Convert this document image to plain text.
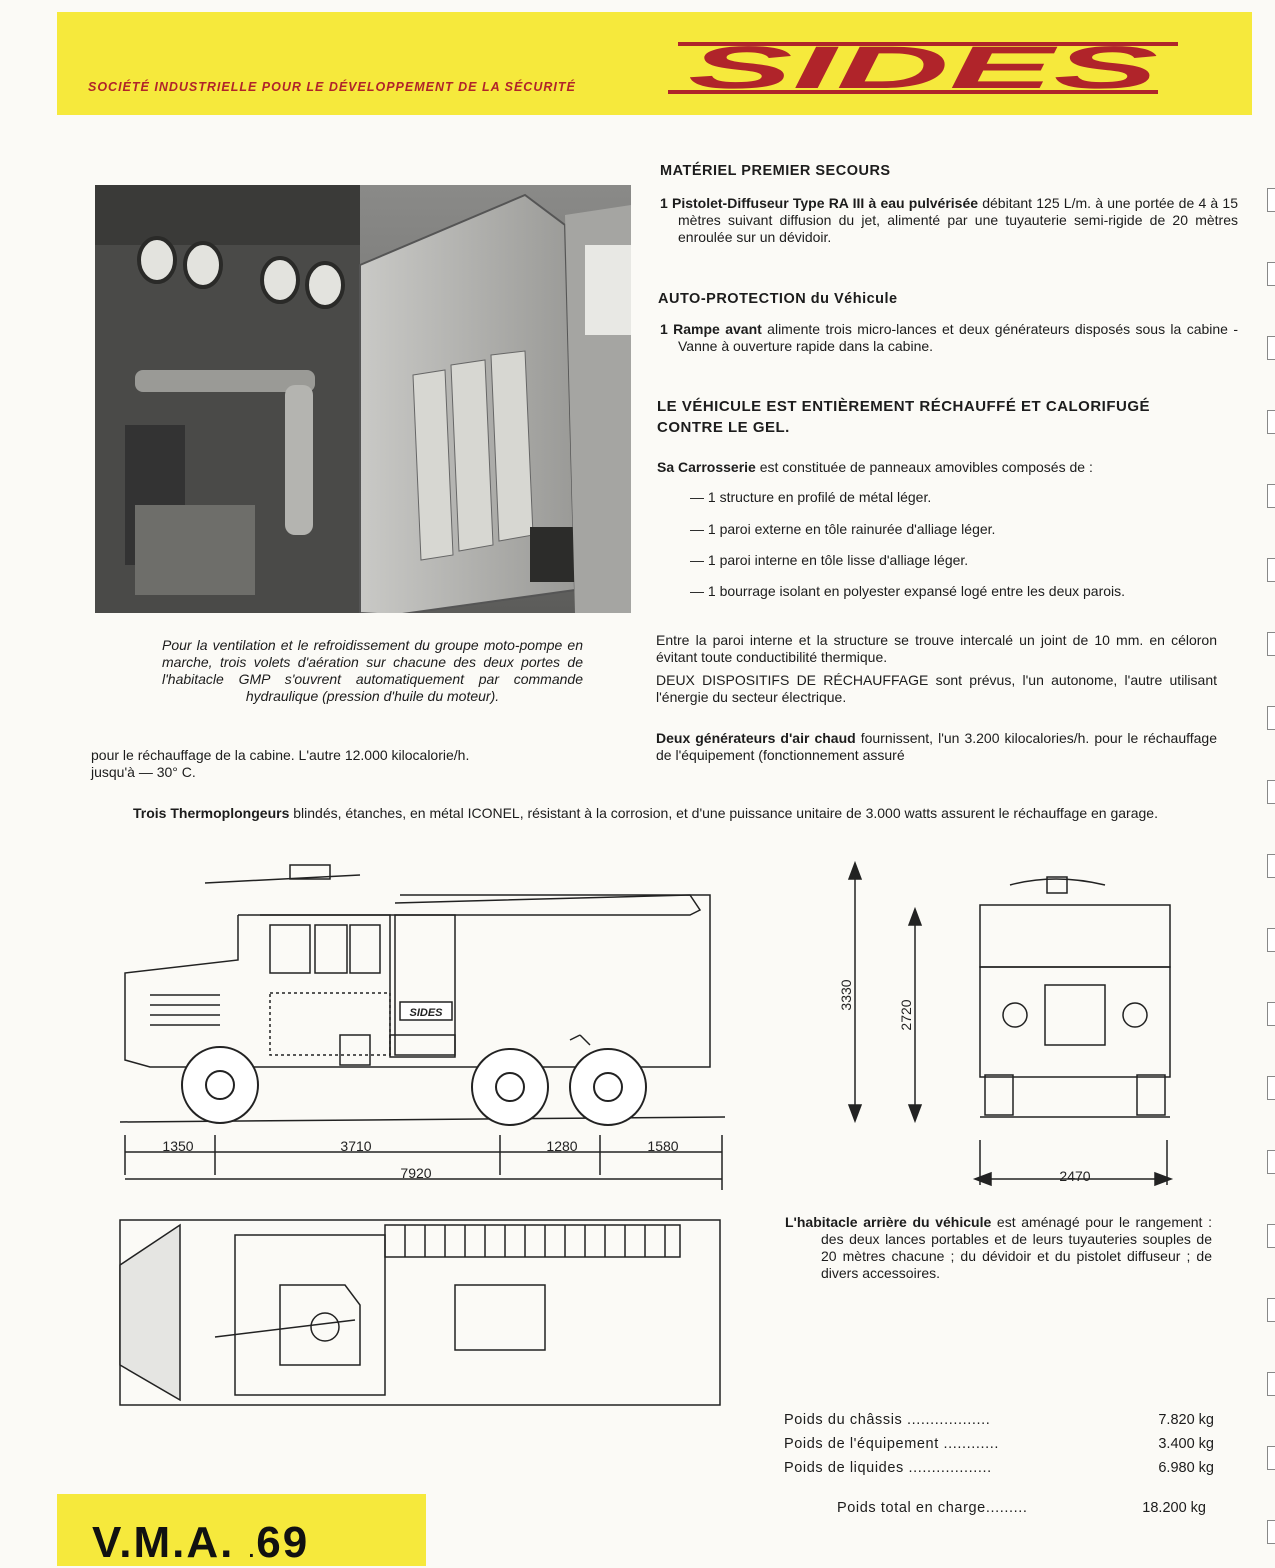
SOCIÉTÉ INDUSTRIELLE POUR LE DÉVELOPPEMENT DE LA SÉCURITÉ SIDES
Pour la ventilation et le refroidissement du groupe moto-pompe en marche, trois volets d'aération sur chacune des deux portes de l'habitacle GMP s'ouvrent automatiquement par commande hydraulique (pression d'huile du moteur).
MATÉRIEL PREMIER SECOURS
1 Pistolet-Diffuseur Type RA III à eau pulvérisée débitant 125 L/m. à une portée de 4 à 15 mètres suivant diffusion du jet, alimenté par une tuyauterie semi-rigide de 20 mètres enroulée sur un dévidoir.
AUTO-PROTECTION du Véhicule
1 Rampe avant alimente trois micro-lances et deux générateurs disposés sous la cabine - Vanne à ouverture rapide dans la cabine.
LE VÉHICULE EST ENTIÈREMENT RÉCHAUFFÉ ET CALORIFUGÉ
CONTRE LE GEL.
Sa Carrosserie est constituée de panneaux amovibles composés de :
— 1 structure en profilé de métal léger.
— 1 paroi externe en tôle rainurée d'alliage léger.
— 1 paroi interne en tôle lisse d'alliage léger.
— 1 bourrage isolant en polyester expansé logé entre les deux parois.
Entre la paroi interne et la structure se trouve intercalé un joint de 10 mm. en céloron évitant toute conductibilité thermique.
DEUX DISPOSITIFS DE RÉCHAUFFAGE sont prévus, l'un autonome, l'autre utilisant l'énergie du secteur électrique.
Deux générateurs d'air chaud fournissent, l'un 3.200 kilocalories/h. pour le réchauffage de l'équipement (fonctionnement assuré
pour le réchauffage de la cabine. L'autre 12.000 kilocalorie/h.
jusqu'à — 30° C.
Trois Thermoplongeurs blindés, étanches, en métal ICONEL, résistant à la corrosion, et d'une puissance unitaire de 3.000 watts assurent le réchauffage en garage.
SIDES
1350	3710	1280	1580
7920
3330
2720
2470
L'habitacle arrière du véhicule est aménagé pour le rangement : des deux lances portables et de leurs tuyauteries souples de 20 mètres chacune ; du dévidoir et du pistolet diffuseur ; de divers accessoires.
Poids du châssis ..................	7.820 kg
Poids de l'équipement ............	3.400 kg
Poids de liquides ..................	6.980 kg
Poids total en charge.........	18.200 kg
V.M.A. .69
